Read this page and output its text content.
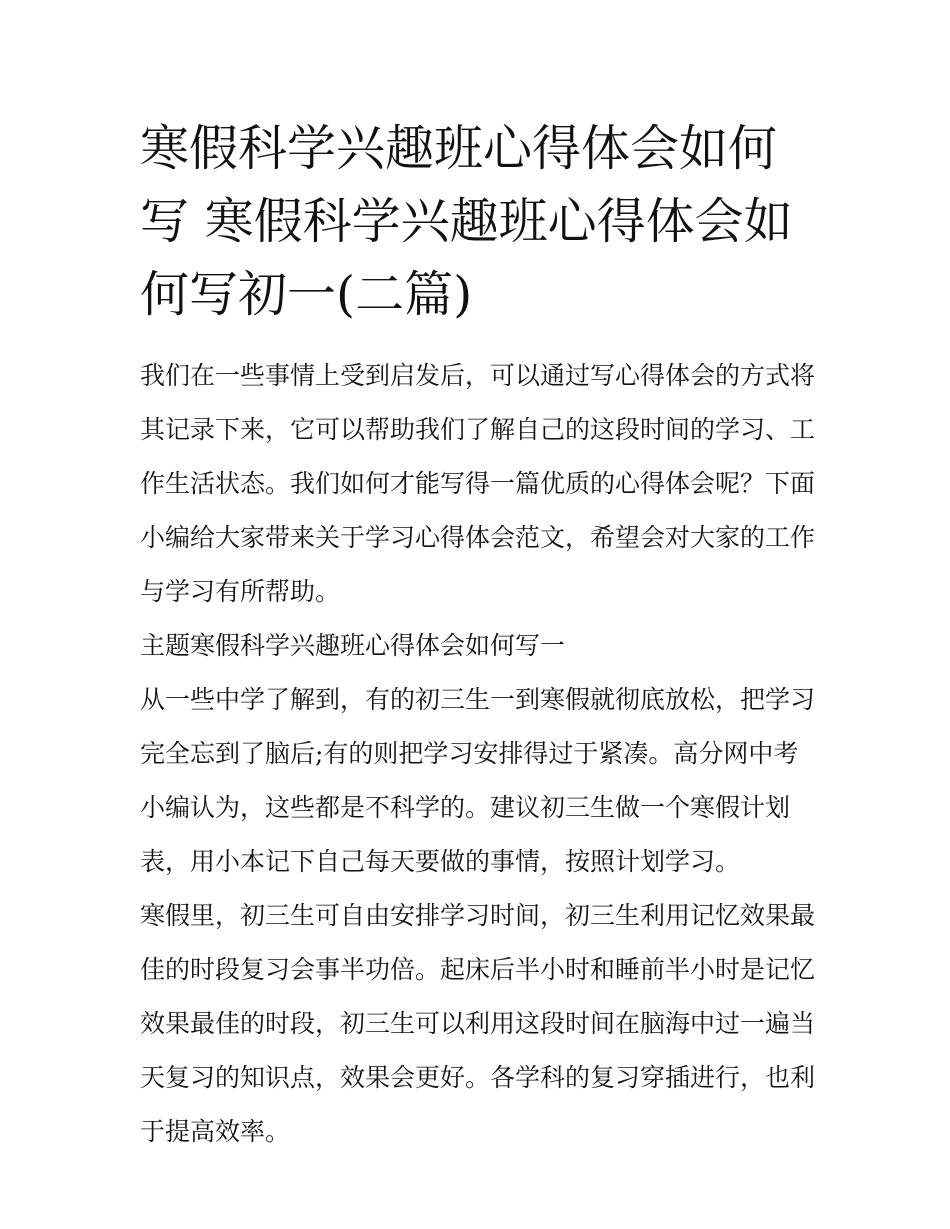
寒假科学兴趣班心得体会如何写 寒假科学兴趣班心得体会如何写初一(二篇)

我们在一些事情上受到启发后，可以通过写心得体会的方式将其记录下来，它可以帮助我们了解自己的这段时间的学习、工作生活状态。我们如何才能写得一篇优质的心得体会呢？下面小编给大家带来关于学习心得体会范文，希望会对大家的工作与学习有所帮助。

主题寒假科学兴趣班心得体会如何写一

从一些中学了解到，有的初三生一到寒假就彻底放松，把学习完全忘到了脑后;有的则把学习安排得过于紧凑。高分网中考小编认为，这些都是不科学的。建议初三生做一个寒假计划表，用小本记下自己每天要做的事情，按照计划学习。

寒假里，初三生可自由安排学习时间，初三生利用记忆效果最佳的时段复习会事半功倍。起床后半小时和睡前半小时是记忆效果最佳的时段，初三生可以利用这段时间在脑海中过一遍当天复习的知识点，效果会更好。各学科的复习穿插进行，也利于提高效率。
